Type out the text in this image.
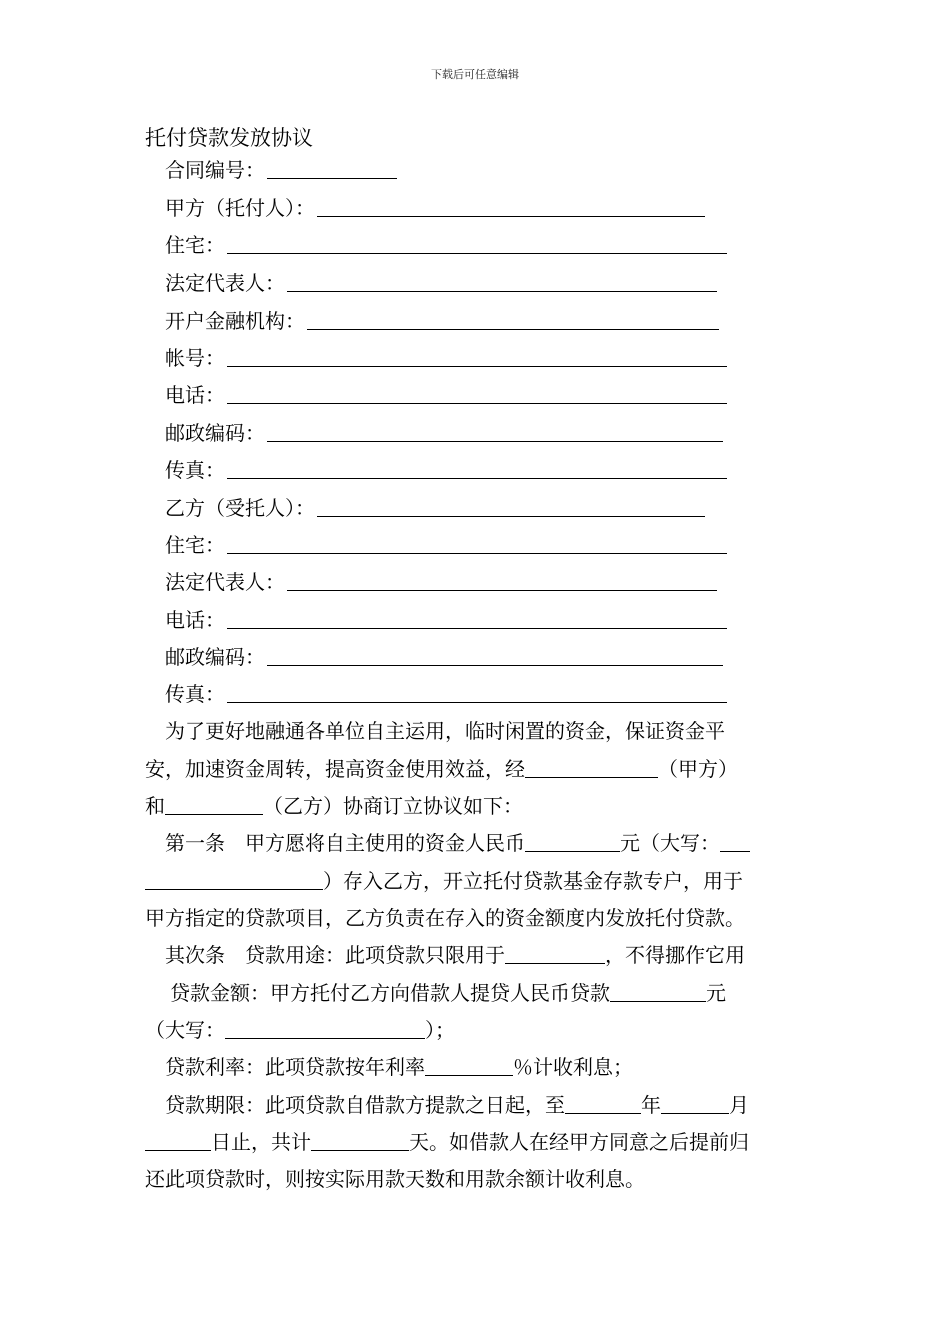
下载后可任意编辑
托付贷款发放协议
合同编号：
甲方（托付人）：
住宅：
法定代表人：
开户金融机构：
帐号：
电话：
邮政编码：
传真：
乙方（受托人）：
住宅：
法定代表人：
电话：
邮政编码：
传真：
为了更好地融通各单位自主运用，临时闲置的资金，保证资金平
安，加速资金周转，提高资金使用效益，经	（甲方）
和	（乙方）协商订立协议如下：
第一条　甲方愿将自主使用的资金人民币	元（大写：
）存入乙方，开立托付贷款基金存款专户，用于
甲方指定的贷款项目，乙方负责在存入的资金额度内发放托付贷款。
其次条　贷款用途：此项贷款只限用于	，不得挪作它用
贷款金额：甲方托付乙方向借款人提贷人民币贷款	元
（大写：	）；
贷款利率：此项贷款按年利率	％计收利息；
贷款期限：此项贷款自借款方提款之日起，至	年	月
日止，共计	天。如借款人在经甲方同意之后提前归
还此项贷款时，则按实际用款天数和用款余额计收利息。
